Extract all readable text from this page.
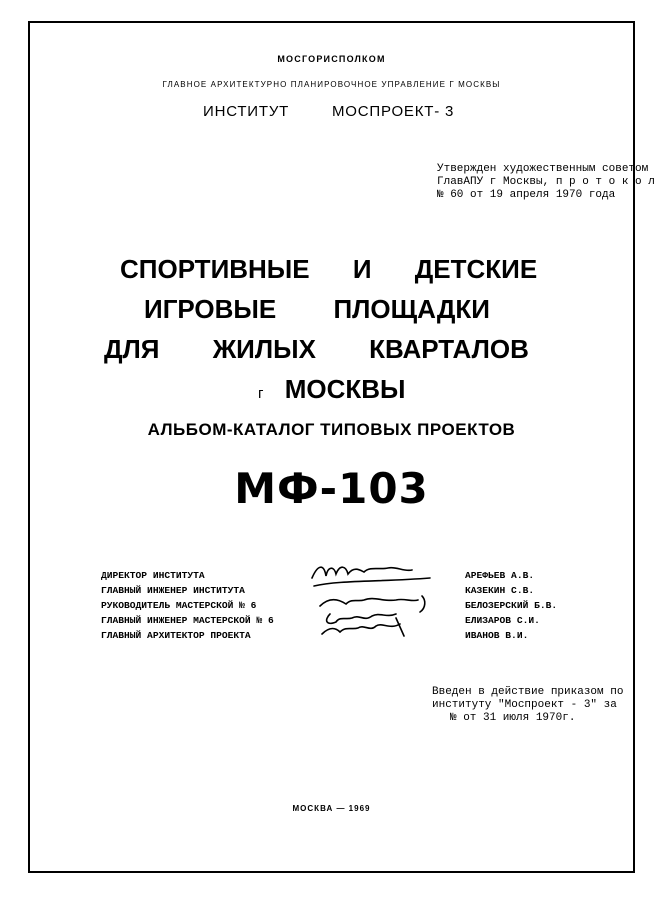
МОСГОРИСПОЛКОМ
ГЛАВНОЕ АРХИТЕКТУРНО ПЛАНИРОВОЧНОЕ УПРАВЛЕНИЕ Г МОСКВЫ
ИНСТИТУТ	МОСПРОЕКТ- 3
Утвержден художественным советом
ГлавАПУ г Москвы, п р о т о к о л
№ 60 от 19 апреля 1970 года
СПОРТИВНЫЕ И ДЕТСКИЕ
ИГРОВЫЕ ПЛОЩАДКИ
ДЛЯ ЖИЛЫХ КВАРТАЛОВ
г МОСКВЫ
АЛЬБОМ-КАТАЛОГ ТИПОВЫХ ПРОЕКТОВ
МФ-103
ДИРЕКТОР ИНСТИТУТА
ГЛАВНЫЙ ИНЖЕНЕР ИНСТИТУТА
РУКОВОДИТЕЛЬ МАСТЕРСКОЙ № 6
ГЛАВНЫЙ ИНЖЕНЕР МАСТЕРСКОЙ № 6
ГЛАВНЫЙ АРХИТЕКТОР ПРОЕКТА
АРЕФЬЕВ А.В.
КАЗЕКИН С.В.
БЕЛОЗЕРСКИЙ Б.В.
ЕЛИЗАРОВ С.И.
ИВАНОВ В.И.
Введен в действие приказом по
институту "Моспроект - 3" за
№ от 31 июля 1970г.
МОСКВА — 1969
